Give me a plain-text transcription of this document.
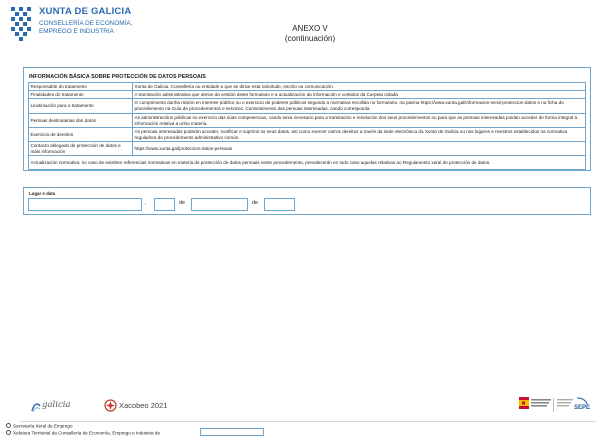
XUNTA DE GALICIA
CONSELLERÍA DE ECONOMÍA,
EMPREGO E INDUSTRIA	ANEXO V
(continuación)
INFORMACIÓN BÁSICA SOBRE PROTECCIÓN DE DATOS PERSOAIS
Responsable do tratamento	Xunta de Galicia. Consellería ou entidade a que se dirixe esta solicitude, escrito ou comunicación.
Finalidades do tratamento	A tramitación administrativa que derive da xestión deste formulario e a actualización da información e contidos da Carpeta cidadá.
Lexitimación para o tratamento	O cumprimento dunha misión en interese público ou o exercicio de poderes públicos segundo a normativa recollida no formulario, na páxina https://www.xunta.gal/informacion-xeral-proteccion-datos e na ficha do procedemento na Guía de procedementos e servizos. Consentimento das persoas interesadas, cando corresponda.
Persoas destinatarias dos datos	As administracións públicas no exercicio das súas competencias, cando sexa necesario para a tramitación e resolución dos seus procedementos ou para que as persoas interesadas poidan acceder de forma integral á información relativa a unha materia.
Exercicio de dereitos	As persoas interesadas poderán acceder, rectificar e suprimir os seus datos, así como exercer outros dereitos a través da sede electrónica da Xunta de Galicia ou nos lugares e rexistros establecidos na normativa reguladora do procedemento administrativo común.
Contacto delegado de protección de datos e máis información	https://www.xunta.gal/proteccion-datos-persoais
Actualización normativa: no caso de existiren referencias normativas en materia de protección de datos persoais neste procedemento, prevalecerán en todo caso aquelas relativas ao Regulamento xeral de protección de datos.	
Lugar e data
,	de	de
galicia	Xacobeo 2021	SEPE
Secretaría Xeral de Emprego
Xefatura Territorial da Consellería de Economía, Emprego e Industria de
